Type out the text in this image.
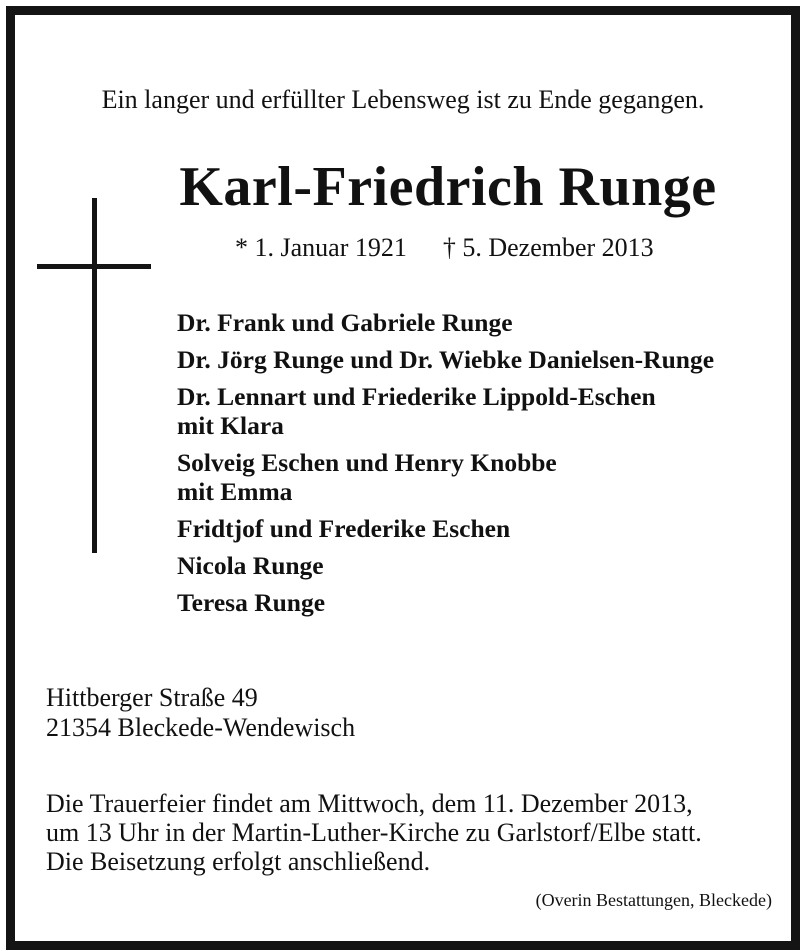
Ein langer und erfüllter Lebensweg ist zu Ende gegangen.
Karl-Friedrich Runge
* 1. Januar 1921 † 5. Dezember 2013
Dr. Frank und Gabriele Runge
Dr. Jörg Runge und Dr. Wiebke Danielsen-Runge
Dr. Lennart und Friederike Lippold-Eschen
mit Klara
Solveig Eschen und Henry Knobbe
mit Emma
Fridtjof und Frederike Eschen
Nicola Runge
Teresa Runge
Hittberger Straße 49
21354 Bleckede-Wendewisch
Die Trauerfeier findet am Mittwoch, dem 11. Dezember 2013,
um 13 Uhr in der Martin-Luther-Kirche zu Garlstorf/Elbe statt.
Die Beisetzung erfolgt anschließend.
(Overin Bestattungen, Bleckede)
